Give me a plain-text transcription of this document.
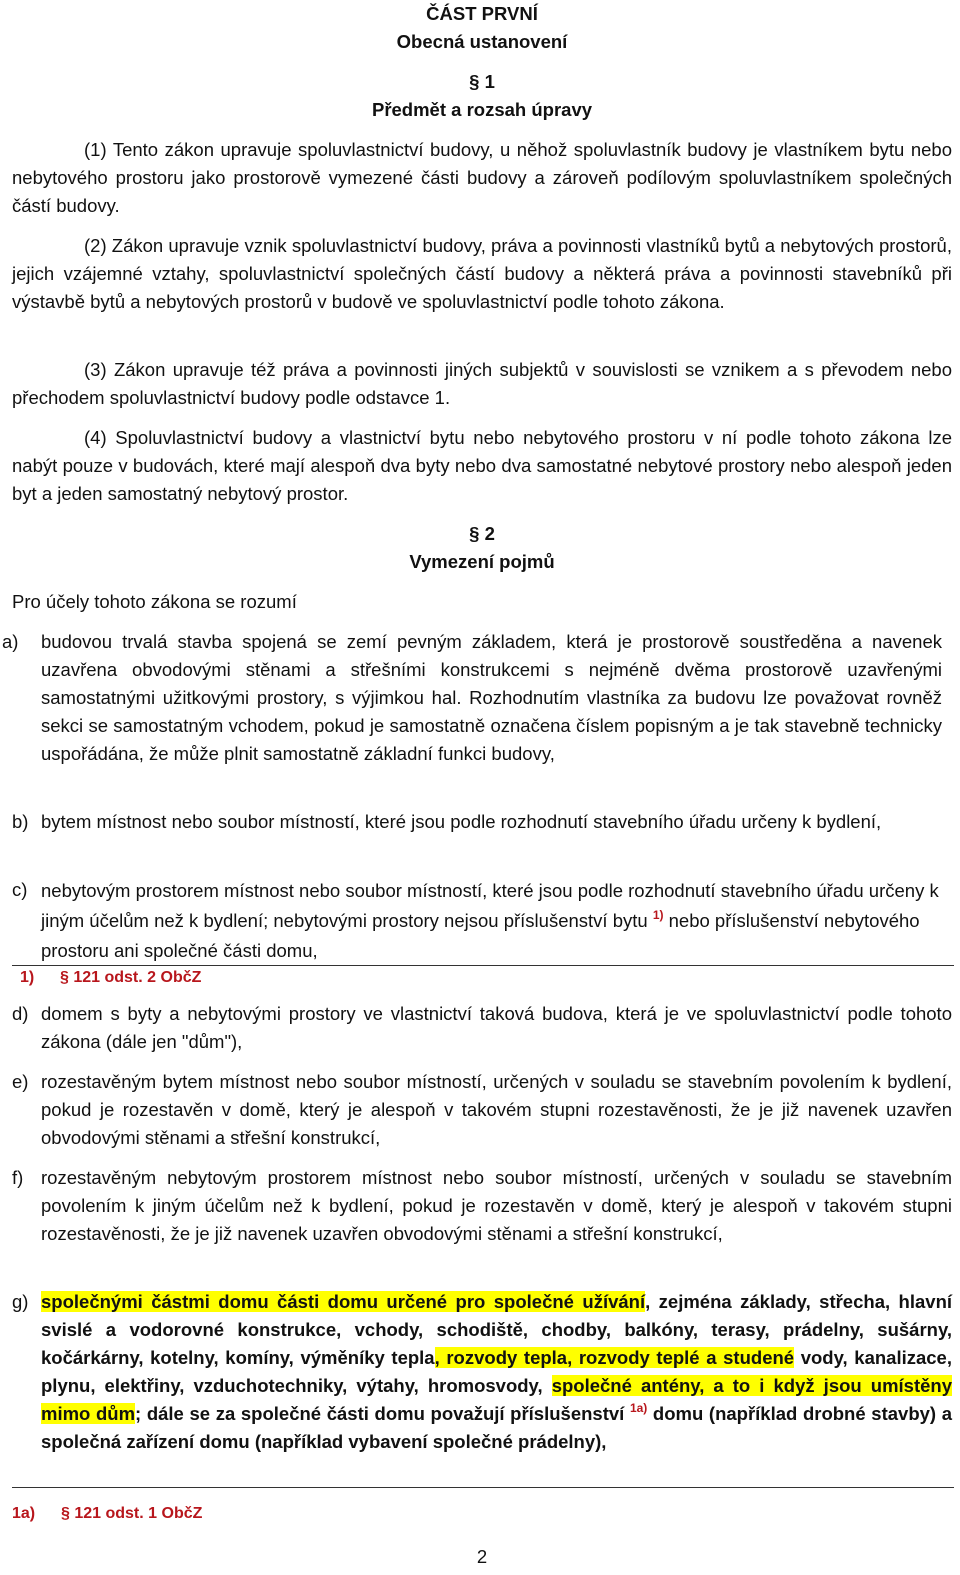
ČÁST PRVNÍ
Obecná ustanovení
§ 1
Předmět a rozsah úpravy
(1) Tento zákon upravuje spoluvlastnictví budovy, u něhož spoluvlastník budovy je vlastníkem bytu nebo nebytového prostoru jako prostorově vymezené části budovy a zároveň podílovým spoluvlastníkem společných částí budovy.
(2) Zákon upravuje vznik spoluvlastnictví budovy, práva a povinnosti vlastníků bytů a nebytových prostorů, jejich vzájemné vztahy, spoluvlastnictví společných částí budovy a některá práva a povinnosti stavebníků při výstavbě bytů a nebytových prostorů v budově ve spoluvlastnictví podle tohoto zákona.
(3) Zákon upravuje též práva a povinnosti jiných subjektů v souvislosti se vznikem a s převodem nebo přechodem spoluvlastnictví budovy podle odstavce 1.
(4) Spoluvlastnictví budovy a vlastnictví bytu nebo nebytového prostoru v ní podle tohoto zákona lze nabýt pouze v budovách, které mají alespoň dva byty nebo dva samostatné nebytové prostory nebo alespoň jeden byt a jeden samostatný nebytový prostor.
§ 2
Vymezení pojmů
Pro účely tohoto zákona se rozumí
a)	budovou trvalá stavba spojená se zemí pevným základem, která je prostorově soustředěna a navenek uzavřena obvodovými stěnami a střešními konstrukcemi s nejméně dvěma prostorově uzavřenými samostatnými užitkovými prostory, s výjimkou hal. Rozhodnutím vlastníka za budovu lze považovat rovněž sekci se samostatným vchodem, pokud je samostatně označena číslem popisným a je tak stavebně technicky uspořádána, že může plnit samostatně základní funkci budovy,
b) bytem místnost nebo soubor místností, které jsou podle rozhodnutí stavebního úřadu určeny k bydlení,
c) nebytovým prostorem místnost nebo soubor místností, které jsou podle rozhodnutí stavebního úřadu určeny k jiným účelům než k bydlení; nebytovými prostory nejsou příslušenství bytu $^{1)}$ nebo příslušenství nebytového prostoru ani společné části domu,
1) § 121 odst. 2 ObčZ
d) domem s byty a nebytovými prostory ve vlastnictví taková budova, která je ve spoluvlastnictví podle tohoto zákona (dále jen "dům"),
e) rozestavěným bytem místnost nebo soubor místností, určených v souladu se stavebním povolením k bydlení, pokud je rozestavěn v domě, který je alespoň v takovém stupni rozestavěnosti, že je již navenek uzavřen obvodovými stěnami a střešní konstrukcí,
f) rozestavěným nebytovým prostorem místnost nebo soubor místností, určených v souladu se stavebním povolením k jiným účelům než k bydlení, pokud je rozestavěn v domě, který je alespoň v takovém stupni rozestavěnosti, že je již navenek uzavřen obvodovými stěnami a střešní konstrukcí,
g) společnými částmi domu části domu určené pro společné užívání, zejména základy, střecha, hlavní svislé a vodorovné konstrukce, vchody, schodiště, chodby, balkóny, terasy, prádelny, sušárny, kočárkárny, kotelny, komíny, výměníky tepla, rozvody tepla, rozvody teplé a studené vody, kanalizace, plynu, elektřiny, vzduchotechniky, výtahy, hromosvody, společné antény, a to i když jsou umístěny mimo dům; dále se za společné části domu považují příslušenství $^{1a)}$ domu (například drobné stavby) a společná zařízení domu (například vybavení společné prádelny),
1a) § 121 odst. 1 ObčZ
2
